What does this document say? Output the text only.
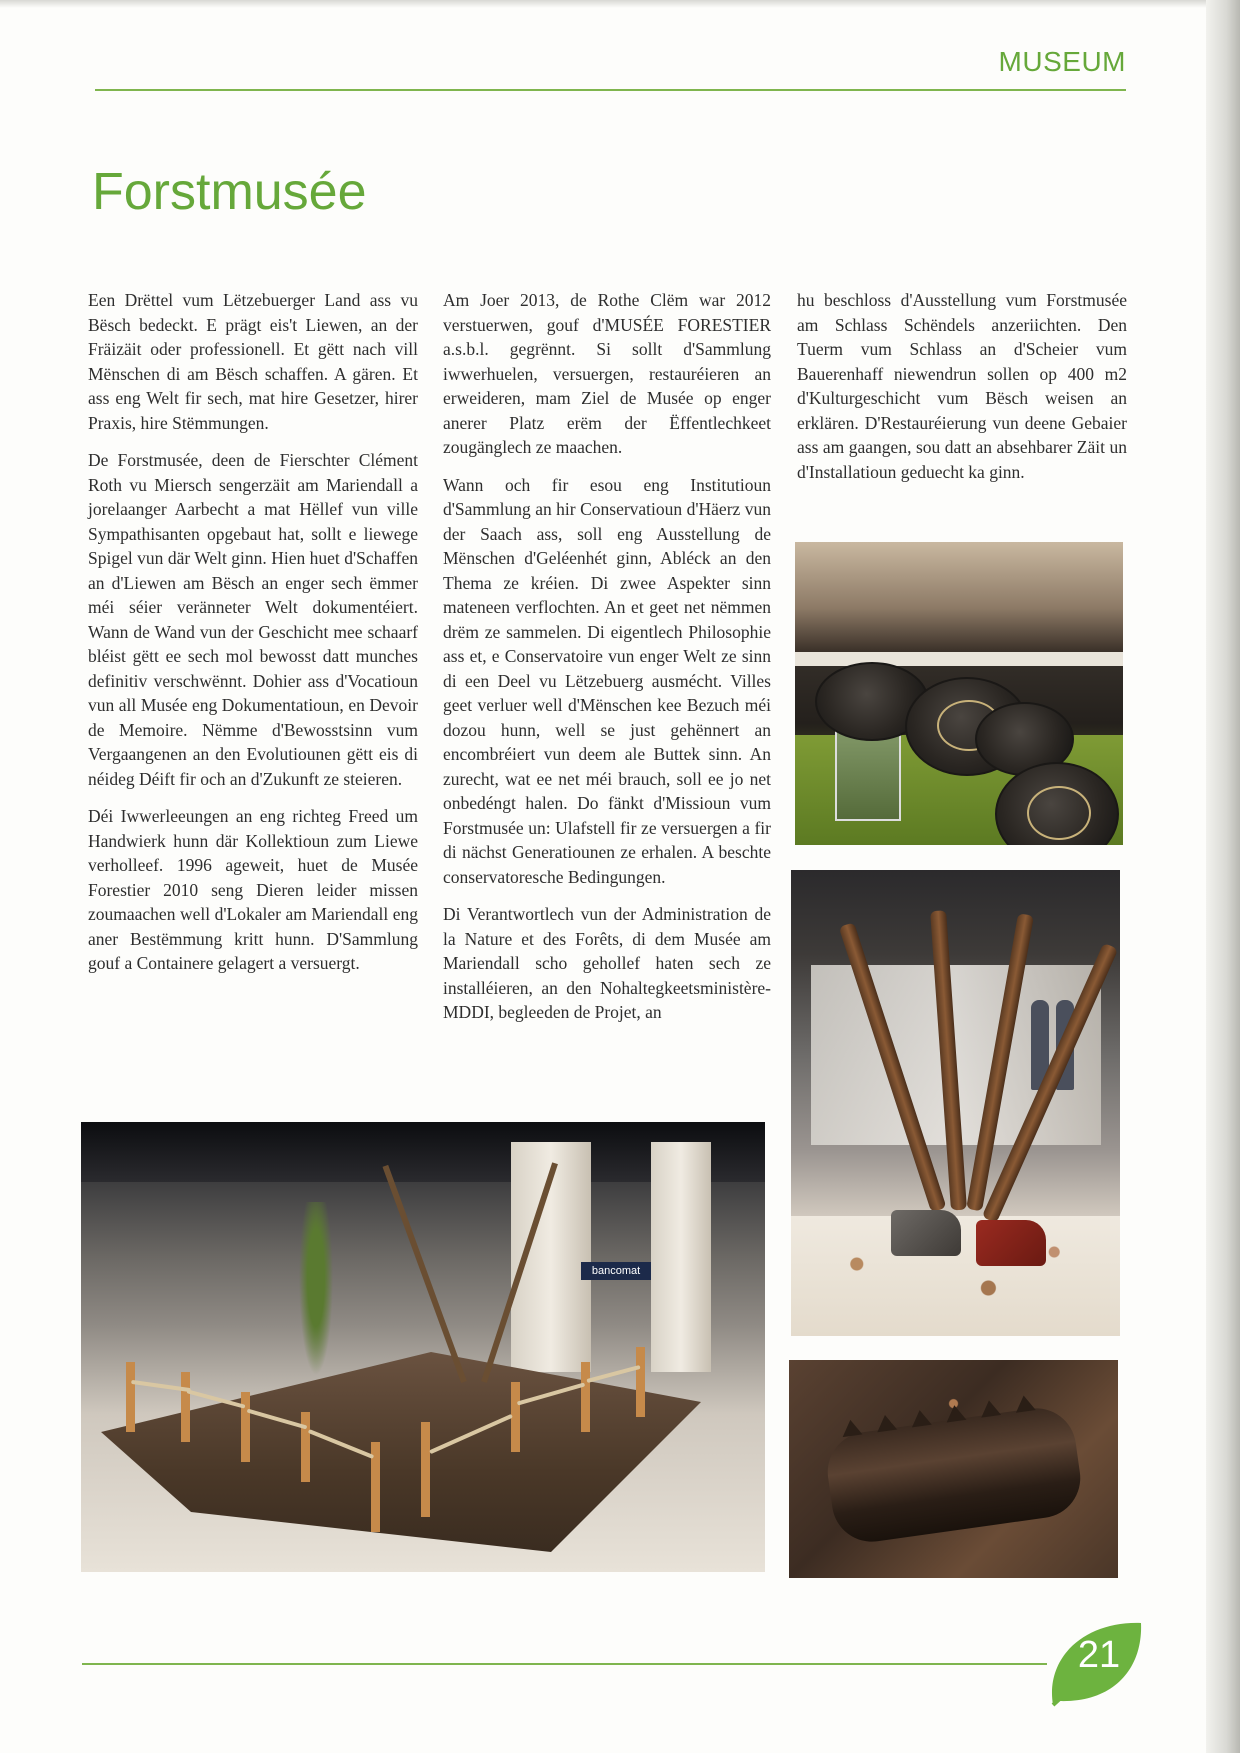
MUSEUM
Forstmusée

Een Drëttel vum Lëtzebuerger Land ass vu Bësch bedeckt. E prägt eis't Liewen, an der Fräizäit oder professionell. Et gëtt nach vill Mënschen di am Bësch schaffen. A gären. Et ass eng Welt fir sech, mat hire Gesetzer, hirer Praxis, hire Stëmmungen.

De Forstmusée, deen de Fierschter Clément Roth vu Miersch sengerzäit am Mariendall a jorelaanger Aarbecht a mat Hëllef vun ville Sympathisanten opgebaut hat, sollt e liewege Spigel vun där Welt ginn. Hien huet d'Schaffen an d'Liewen am Bësch an enger sech ëmmer méi séier veränneter Welt dokumentéiert. Wann de Wand vun der Geschicht mee schaarf bléist gëtt ee sech mol bewosst datt munches definitiv verschwënnt. Dohier ass d'Vocatioun vun all Musée eng Dokumentatioun, en Devoir de Memoire. Nëmme d'Bewosstsinn vum Vergaangenen an den Evolutiounen gëtt eis di néideg Déift fir och an d'Zukunft ze steieren.

Déi Iwwerleeungen an eng richteg Freed um Handwierk hunn där Kollektioun zum Liewe verholleef. 1996 ageweit, huet de Musée Forestier 2010 seng Dieren leider missen zoumaachen well d'Lokaler am Mariendall eng aner Bestëmmung kritt hunn. D'Sammlung gouf a Containere gelagert a versuergt.

Am Joer 2013, de Rothe Clëm war 2012 verstuerwen, gouf d'MUSÉE FORESTIER a.s.b.l. gegrënnt. Si sollt d'Sammlung iwwerhuelen, versuergen, restauréieren an erweideren, mam Ziel de Musée op enger anerer Platz erëm der Ëffentlechkeet zougänglech ze maachen.

Wann och fir esou eng Institutioun d'Sammlung an hir Conservatioun d'Häerz vun der Saach ass, soll eng Ausstellung de Mënschen d'Geléenhét ginn, Abléck an den Thema ze kréien. Di zwee Aspekter sinn mateneen verflochten. An et geet net nëmmen drëm ze sammelen. Di eigentlech Philosophie ass et, e Conservatoire vun enger Welt ze sinn di een Deel vu Lëtzebuerg ausmécht. Villes geet verluer well d'Mënschen kee Bezuch méi dozou hunn, well se just gehënnert an encombréiert vun deem ale Buttek sinn. An zurecht, wat ee net méi brauch, soll ee jo net onbedéngt halen. Do fänkt d'Missioun vum Forstmusée un: Ulafstell fir ze versuergen a fir di nächst Generatiounen ze erhalen. A beschte conservatoresche Bedingungen.

Di Verantwortlech vun der Administration de la Nature et des Forêts, di dem Musée am Mariendall scho gehollef haten sech ze installéieren, an den Nohaltegkeetsministère-MDDI, begleeden de Projet, an

hu beschloss d'Ausstellung vum Forstmusée am Schlass Schëndels anzeriichten. Den Tuerm vum Schlass an d'Scheier vum Bauerenhaff niewendrun sollen op 400 m2 d'Kulturgeschicht vum Bësch weisen an erklären. D'Restauréierung vun deene Gebaier ass am gaangen, sou datt an absehbarer Zäit un d'Installatioun geduecht ka ginn.

bancomat
21
